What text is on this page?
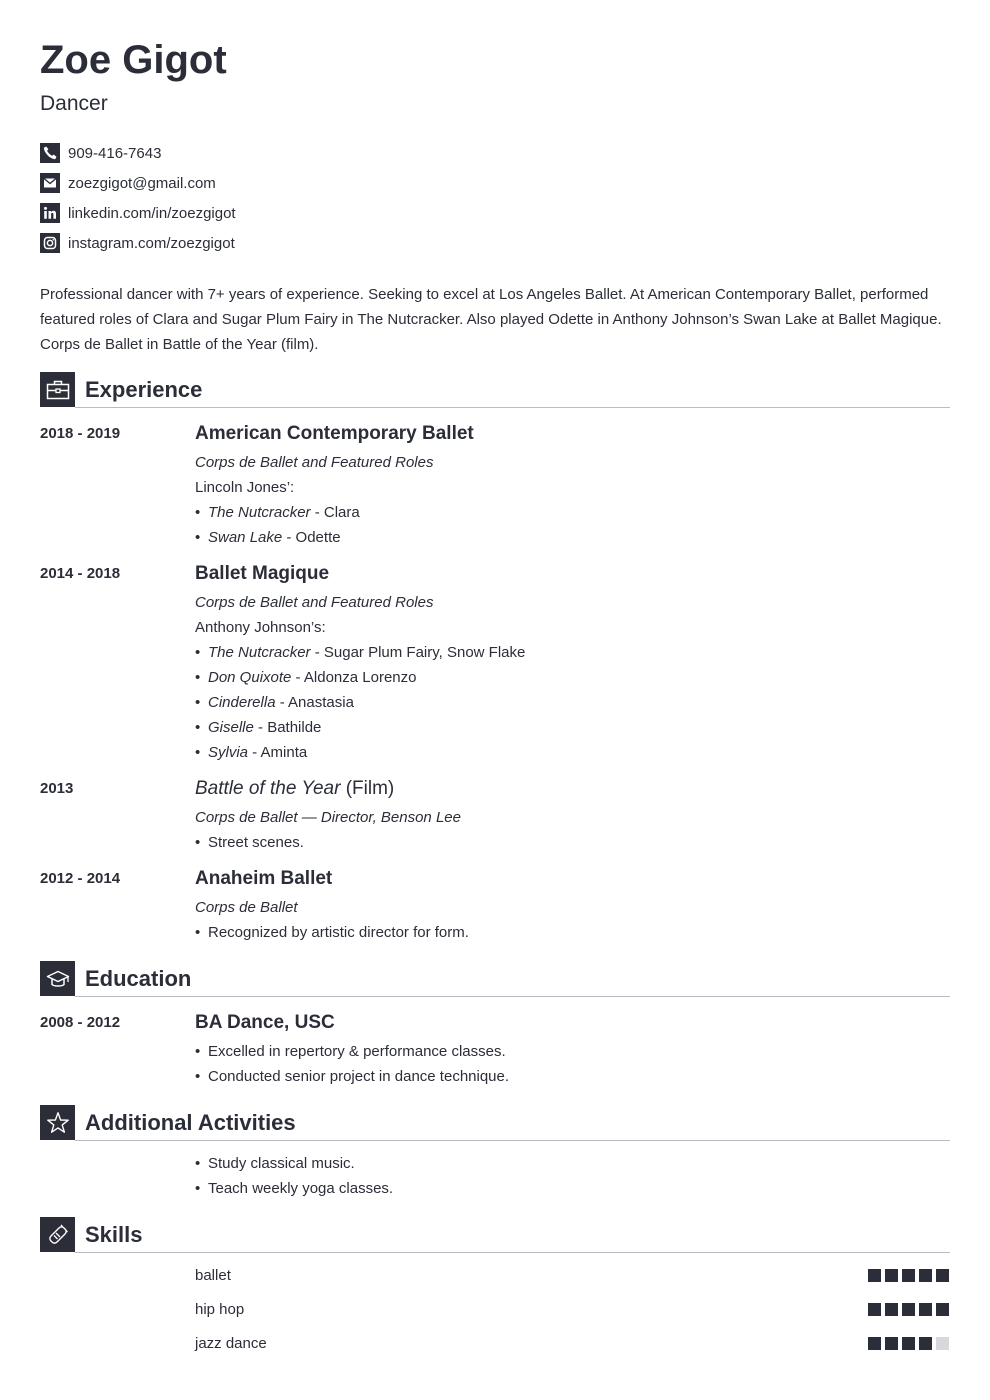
Zoe Gigot
Dancer
909-416-7643
zoezgigot@gmail.com
linkedin.com/in/zoezgigot
instagram.com/zoezgigot
Professional dancer with 7+ years of experience. Seeking to excel at Los Angeles Ballet. At American Contemporary Ballet, performed featured roles of Clara and Sugar Plum Fairy in The Nutcracker. Also played Odette in Anthony Johnson’s Swan Lake at Ballet Magique. Corps de Ballet in Battle of the Year (film).
Experience
2018 - 2019	American Contemporary Ballet
Corps de Ballet and Featured Roles
Lincoln Jones’:
• The Nutcracker - Clara
• Swan Lake - Odette
2014 - 2018	Ballet Magique
Corps de Ballet and Featured Roles
Anthony Johnson’s:
• The Nutcracker - Sugar Plum Fairy, Snow Flake
• Don Quixote - Aldonza Lorenzo
• Cinderella - Anastasia
• Giselle - Bathilde
• Sylvia - Aminta
2013	Battle of the Year (Film)
Corps de Ballet — Director, Benson Lee
• Street scenes.
2012 - 2014	Anaheim Ballet
Corps de Ballet
• Recognized by artistic director for form.
Education
2008 - 2012	BA Dance, USC
• Excelled in repertory & performance classes.
• Conducted senior project in dance technique.
Additional Activities
• Study classical music.
• Teach weekly yoga classes.
Skills
ballet
hip hop
jazz dance
